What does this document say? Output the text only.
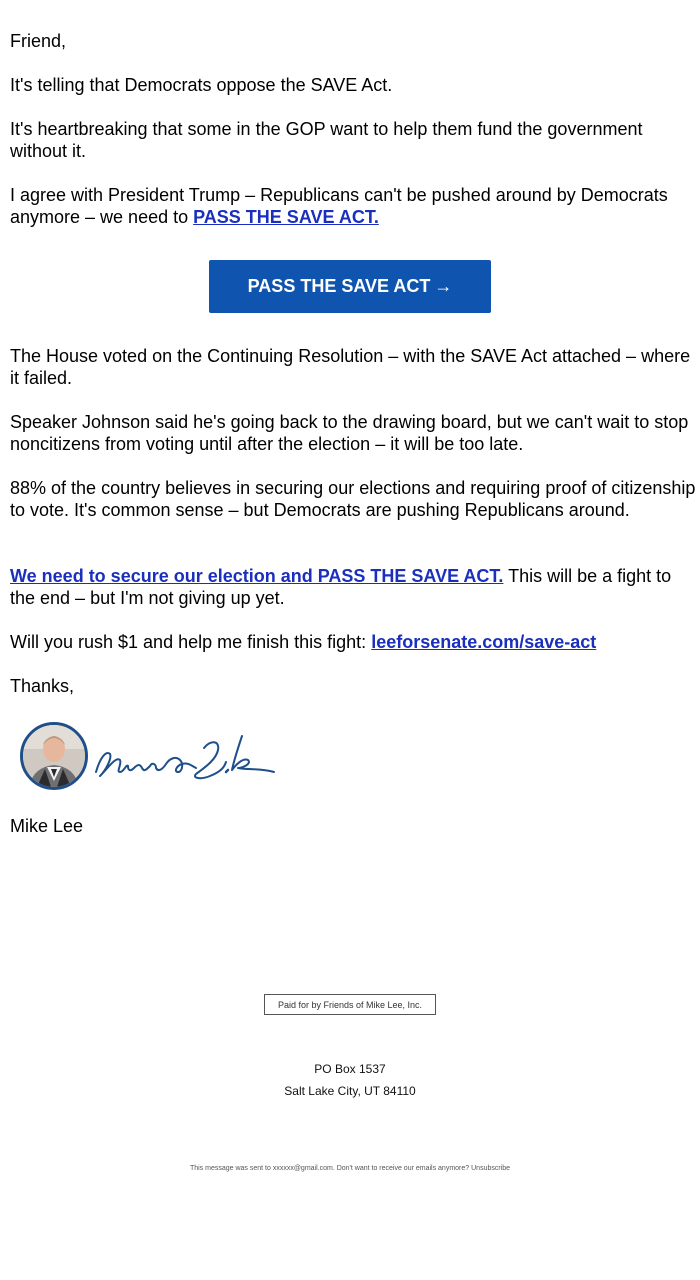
Friend,

It's telling that Democrats oppose the SAVE Act.

It's heartbreaking that some in the GOP want to help them fund the government without it.

I agree with President Trump – Republicans can't be pushed around by Democrats anymore – we need to PASS THE SAVE ACT.

PASS THE SAVE ACT →

The House voted on the Continuing Resolution – with the SAVE Act attached – where it failed.

Speaker Johnson said he's going back to the drawing board, but we can't wait to stop noncitizens from voting until after the election – it will be too late.

88% of the country believes in securing our elections and requiring proof of citizenship to vote. It's common sense – but Democrats are pushing Republicans around.

We need to secure our election and PASS THE SAVE ACT. This will be a fight to the end – but I'm not giving up yet.

Will you rush $1 and help me finish this fight: leeforsenate.com/save-act

Thanks,

Mike Lee

Paid for by Friends of Mike Lee, Inc.
PO Box 1537
Salt Lake City, UT 84110
This message was sent to xxxxxx@gmail.com. Don't want to receive our emails anymore? Unsubscribe
